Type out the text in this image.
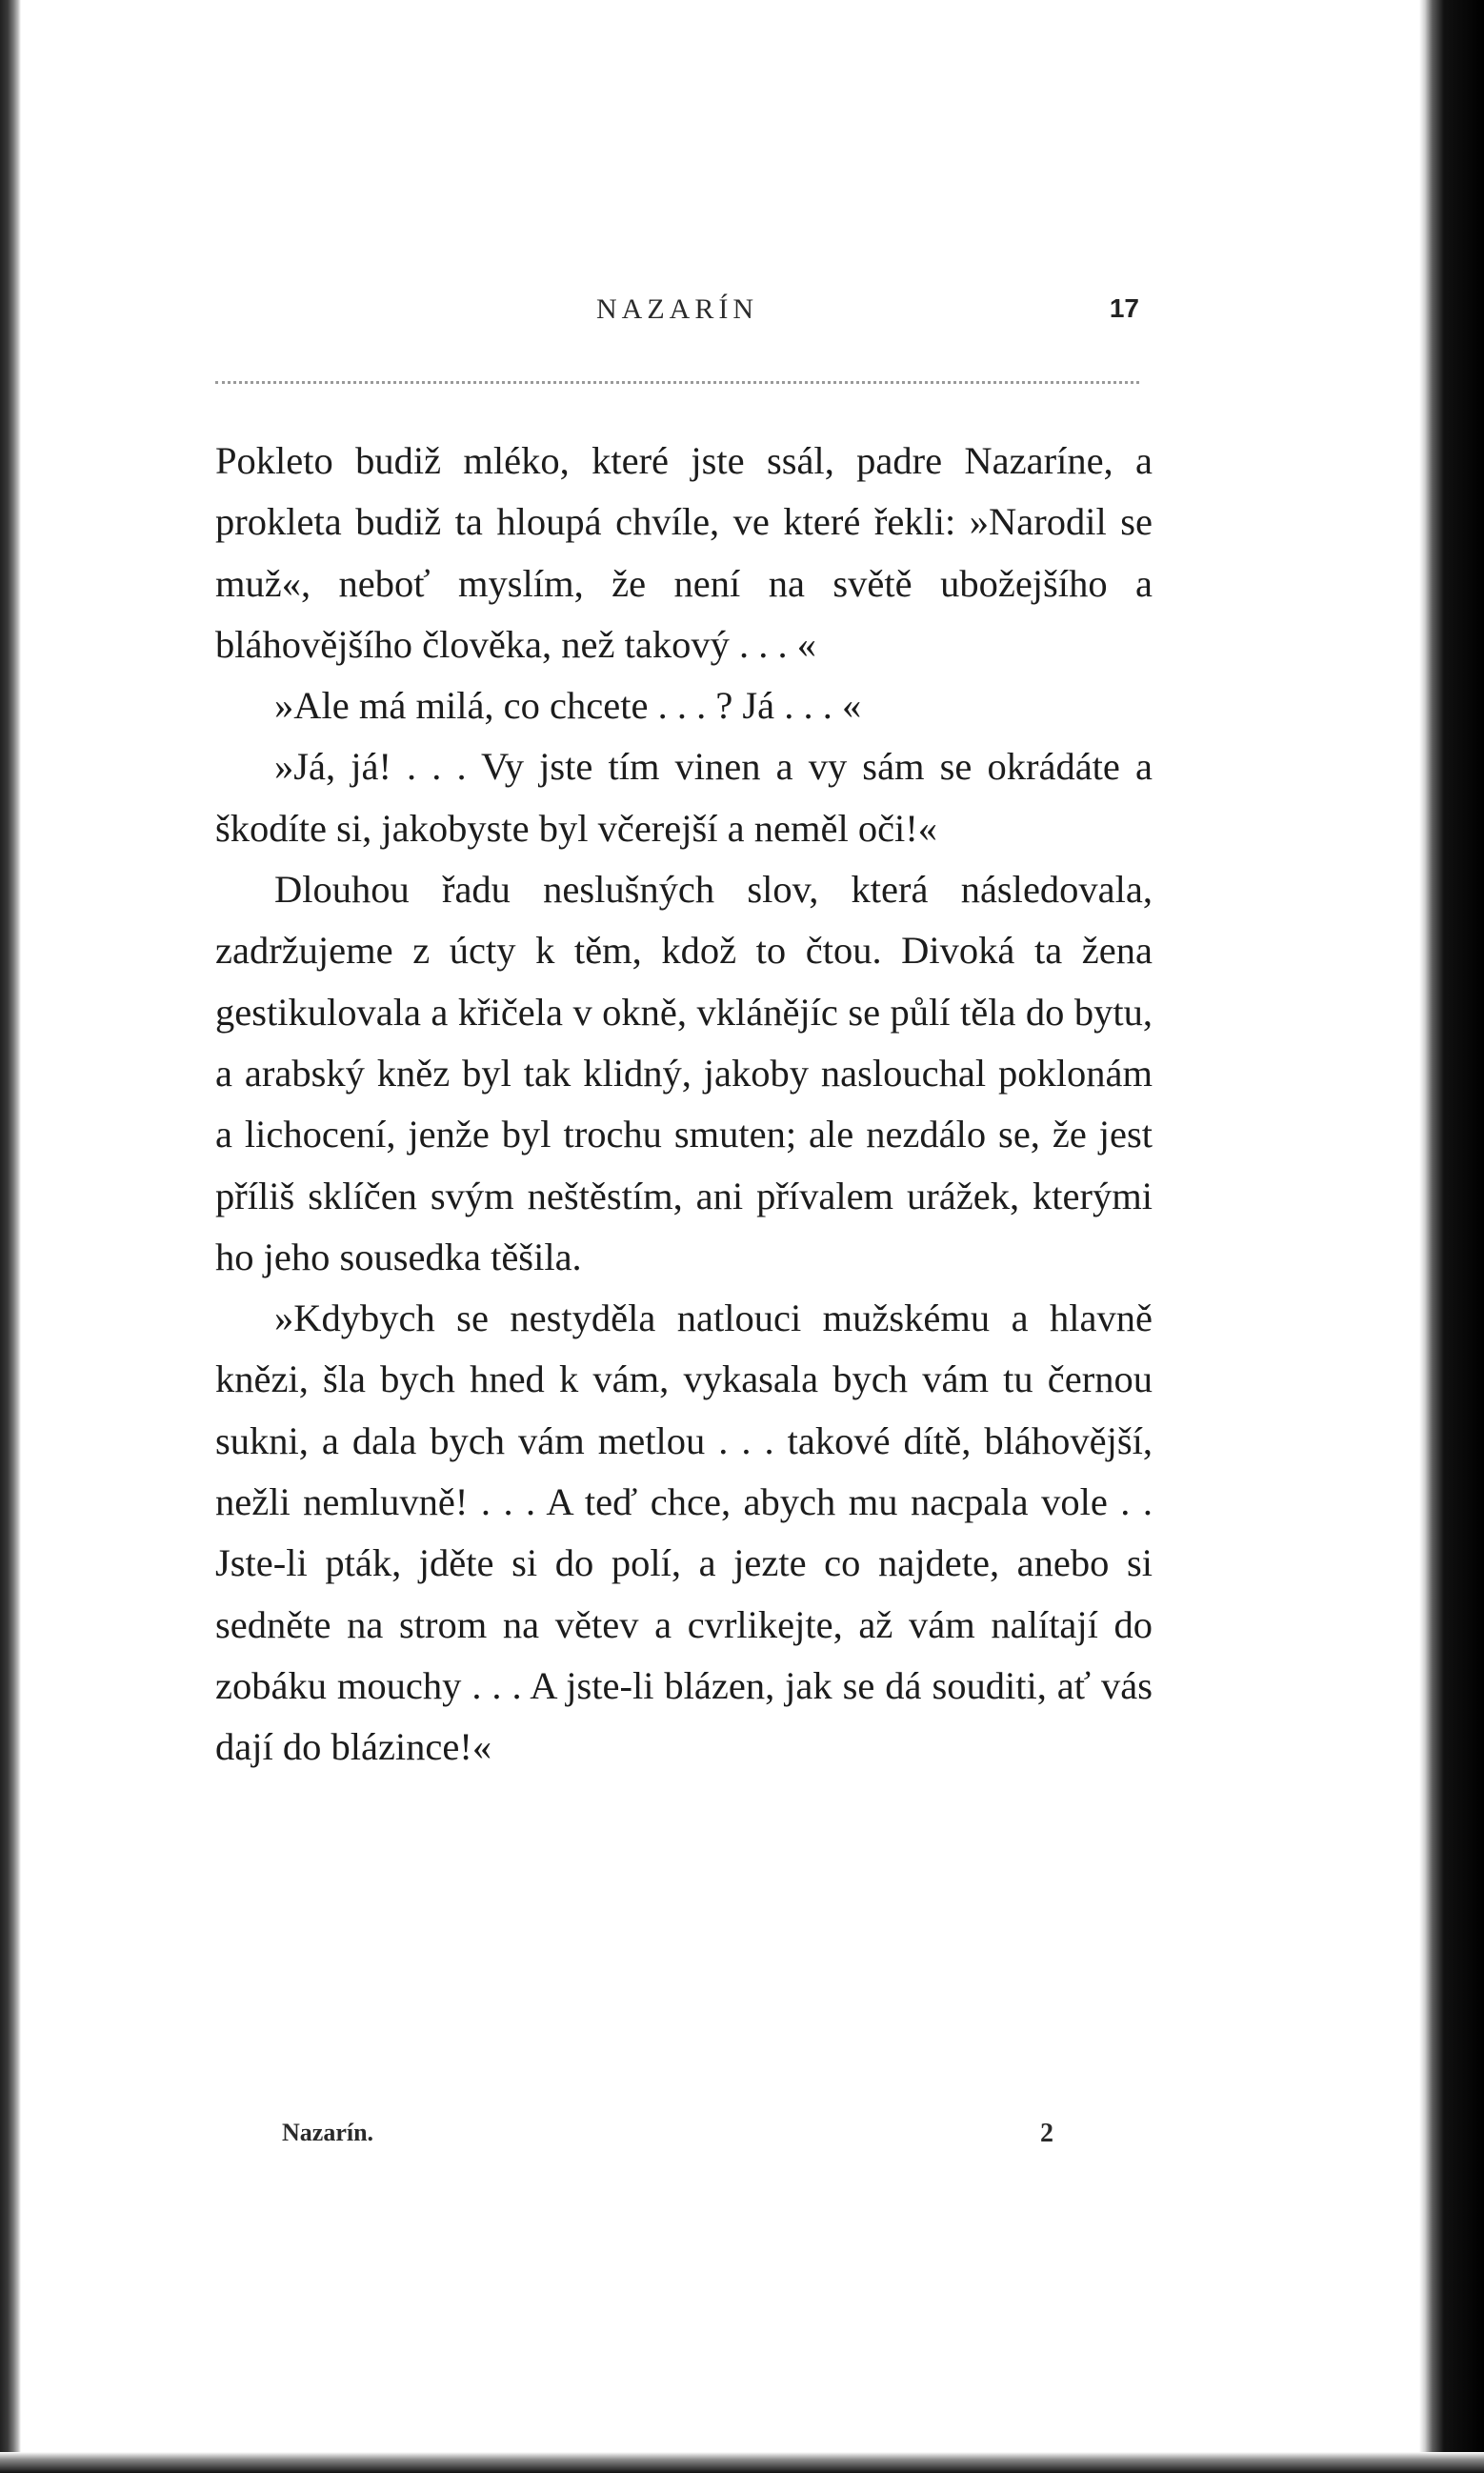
NAZARÍN	17

Pokleto budiž mléko, které jste ssál, padre Nazaríne, a prokleta budiž ta hloupá chvíle, ve které řekli: »Narodil se muž«, neboť myslím, že není na světě ubožejšího a bláhovějšího člověka, než takový . . . «

»Ale má milá, co chcete . . . ? Já . . . «

»Já, já! . . . Vy jste tím vinen a vy sám se okrádáte a škodíte si, jakobyste byl včerejší a neměl oči!«

Dlouhou řadu neslušných slov, která následovala, zadržujeme z úcty k těm, kdož to čtou. Divoká ta žena gestikulovala a křičela v okně, vklánějíc se půlí těla do bytu, a arabský kněz byl tak klidný, jakoby naslouchal poklonám a lichocení, jenže byl trochu smuten; ale nezdálo se, že jest příliš sklíčen svým neštěstím, ani přívalem urážek, kterými ho jeho sousedka těšila.

»Kdybych se nestyděla natlouci mužskému a hlavně knězi, šla bych hned k vám, vykasala bych vám tu černou sukni, a dala bych vám metlou . . . takové dítě, bláhovější, nežli nemluvně! . . . A teď chce, abych mu nacpala vole . . Jste-li pták, jděte si do polí, a jezte co najdete, anebo si sedněte na strom na větev a cvrlikejte, až vám nalítají do zobáku mouchy . . . A jste-li blázen, jak se dá souditi, ať vás dají do blázince!«

Nazarín.	2
